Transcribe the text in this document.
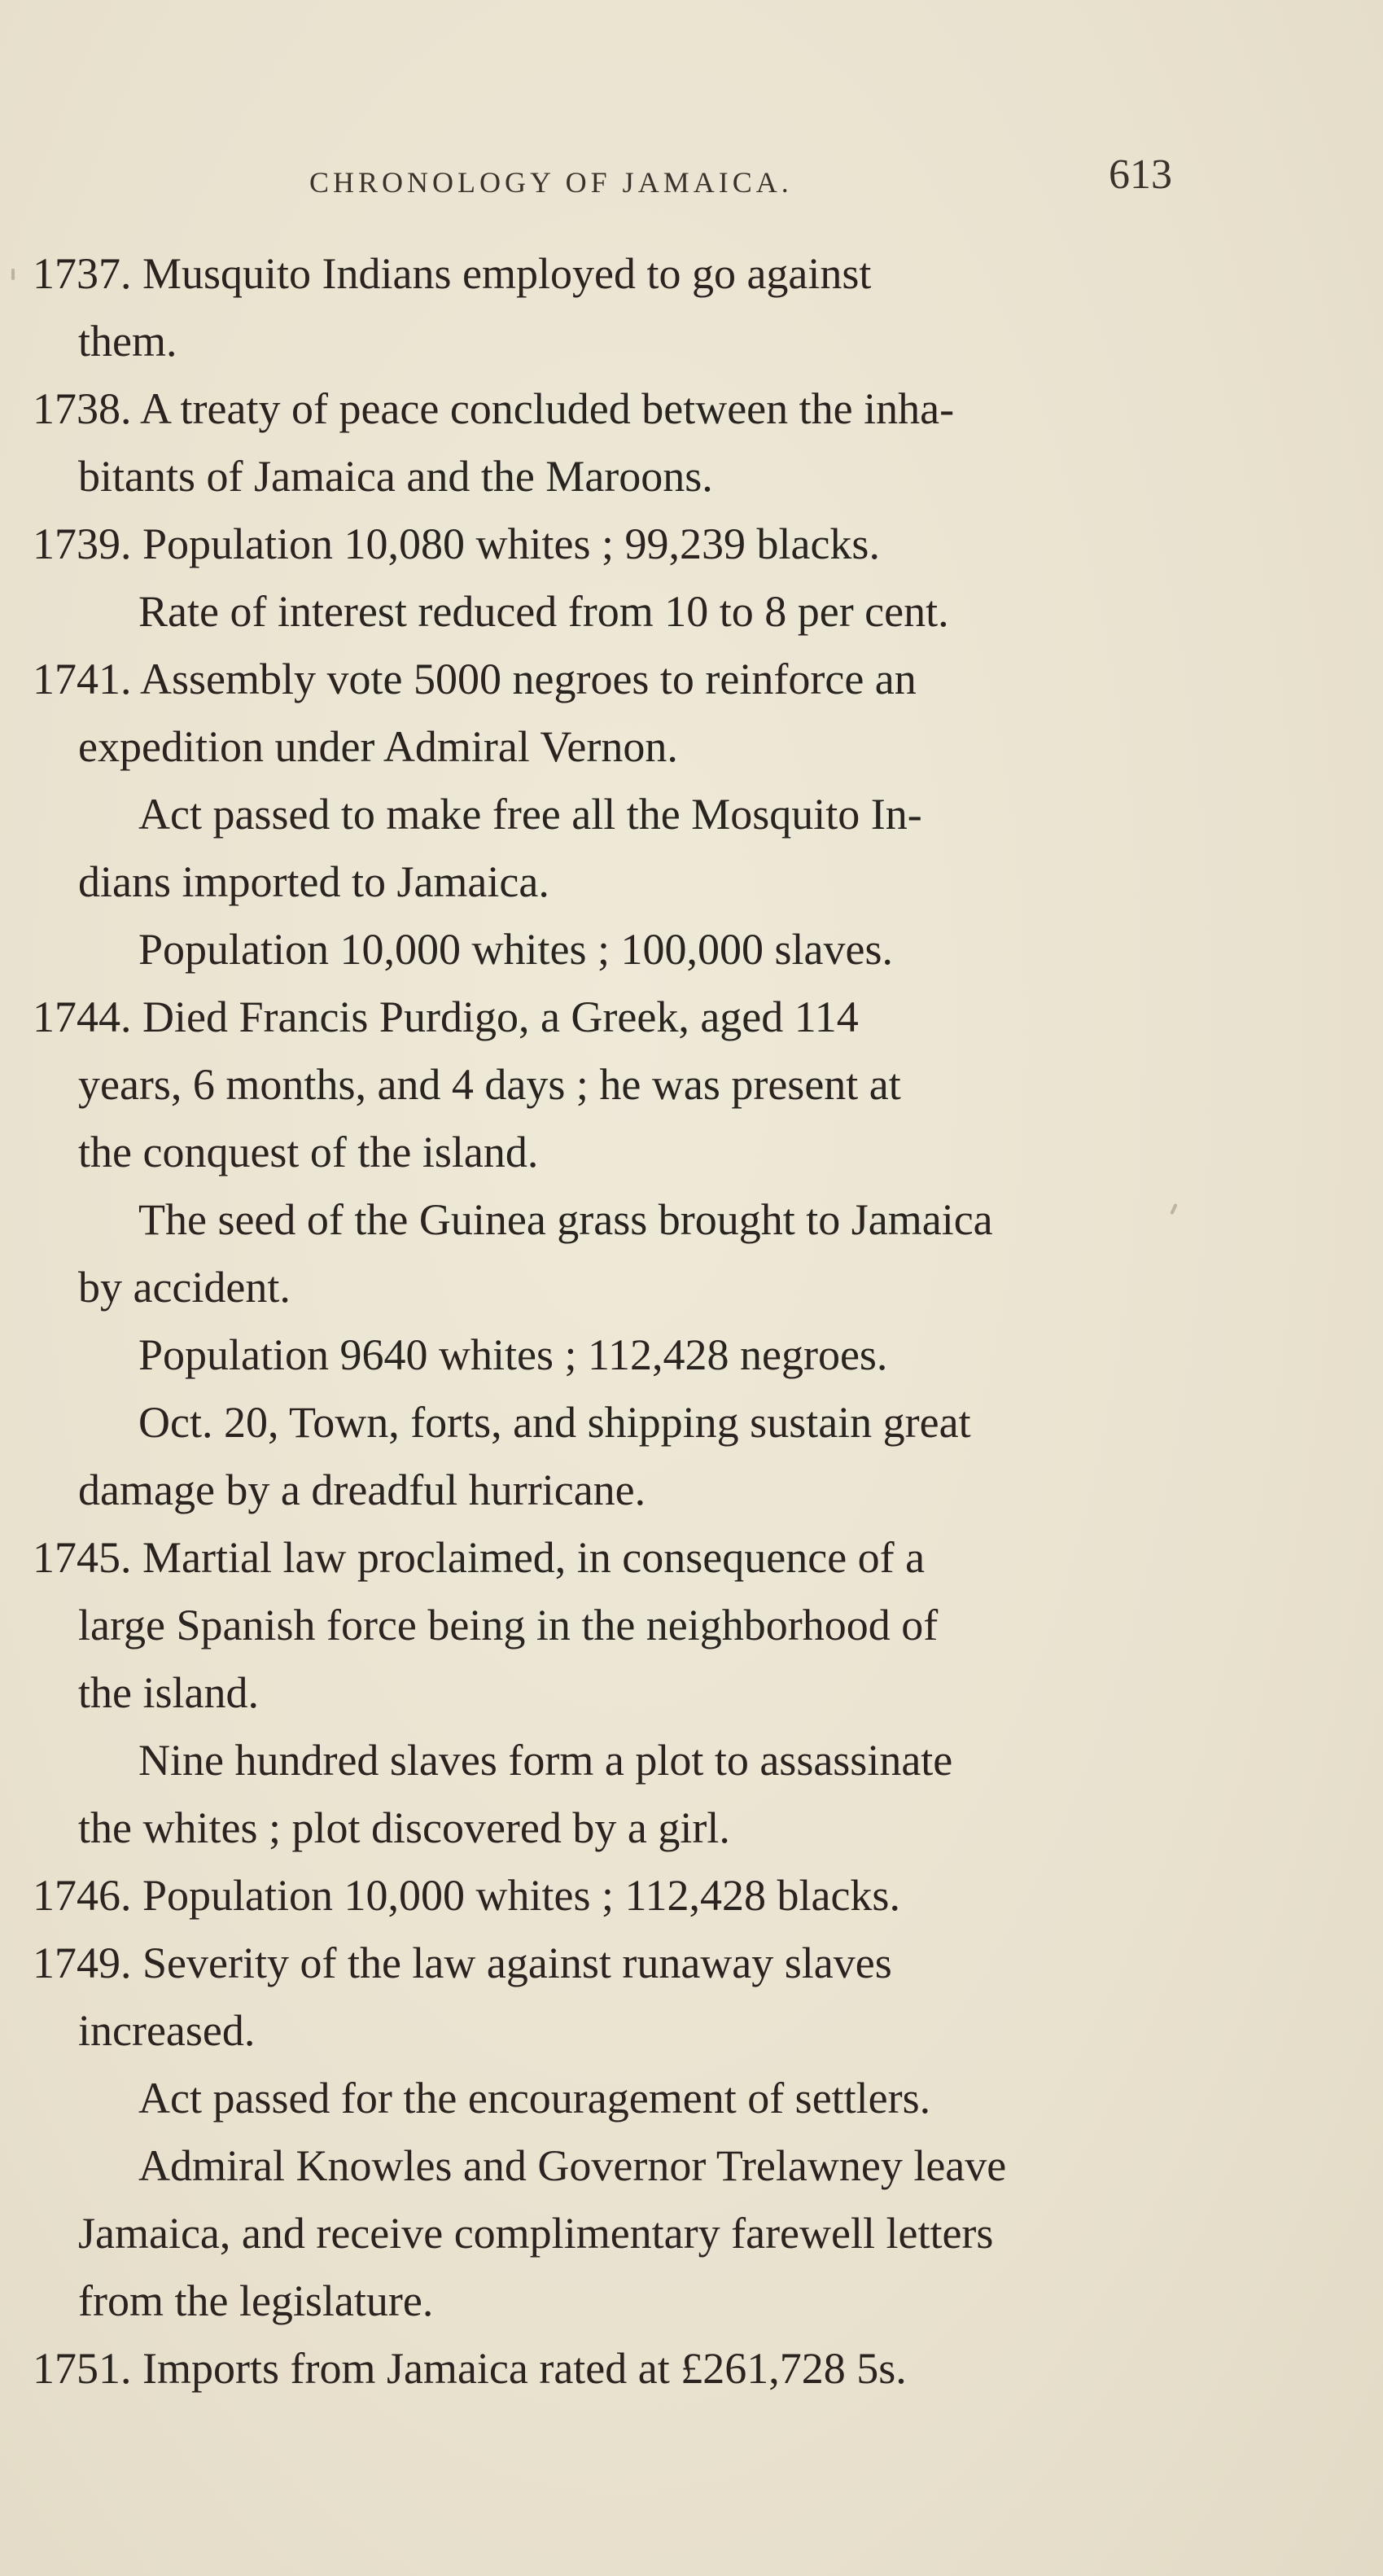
CHRONOLOGY OF JAMAICA.	613
1737. Musquito Indians employed to go against
them.
1738. A treaty of peace concluded between the inha-
bitants of Jamaica and the Maroons.
1739. Population 10,080 whites ; 99,239 blacks.
Rate of interest reduced from 10 to 8 per cent.
1741. Assembly vote 5000 negroes to reinforce an
expedition under Admiral Vernon.
Act passed to make free all the Mosquito In-
dians imported to Jamaica.
Population 10,000 whites ; 100,000 slaves.
1744. Died Francis Purdigo, a Greek, aged 114
years, 6 months, and 4 days ; he was present at
the conquest of the island.
The seed of the Guinea grass brought to Jamaica
by accident.
Population 9640 whites ; 112,428 negroes.
Oct. 20, Town, forts, and shipping sustain great
damage by a dreadful hurricane.
1745. Martial law proclaimed, in consequence of a
large Spanish force being in the neighborhood of
the island.
Nine hundred slaves form a plot to assassinate
the whites ; plot discovered by a girl.
1746. Population 10,000 whites ; 112,428 blacks.
1749. Severity of the law against runaway slaves
increased.
Act passed for the encouragement of settlers.
Admiral Knowles and Governor Trelawney leave
Jamaica, and receive complimentary farewell letters
from the legislature.
1751. Imports from Jamaica rated at £261,728 5s.
